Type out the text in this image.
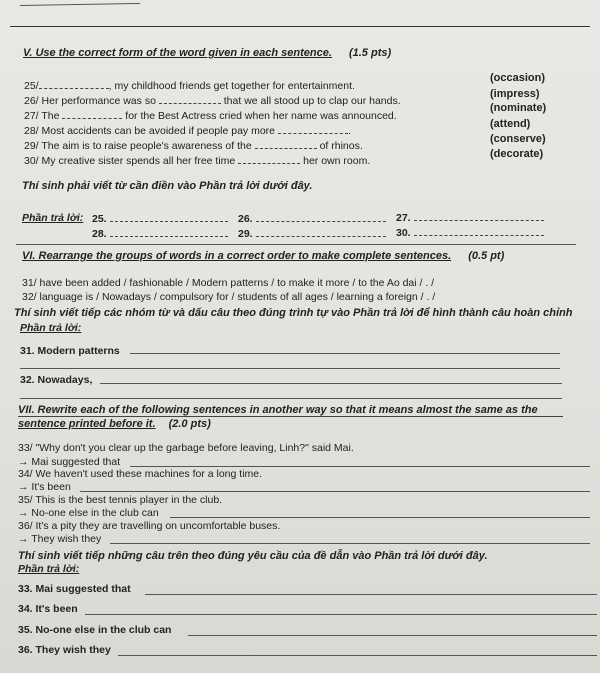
V. Use the correct form of the word given in each sentence. (1.5 pts)
25/	, my childhood friends get together for entertainment.
(occasion)
26/ Her performance was so	that we all stood up to clap our hands.
(impress)
27/ The	for the Best Actress cried when her name was announced.
(nominate)
28/ Most accidents can be avoided if people pay more	.
(attend)
29/ The aim is to raise people's awareness of the	of rhinos.
(conserve)
30/ My creative sister spends all her free time	her own room.
(decorate)
Thí sinh phải viết từ cần điền vào Phần trả lời dưới đây.
Phần trả lời: 25.	26.	27.
28.	29.	30.
VI. Rearrange the groups of words in a correct order to make complete sentences. (0.5 pt)
31/ have been added / fashionable / Modern patterns / to make it more / to the Ao dai / . /
32/ language is / Nowadays / compulsory for / students of all ages / learning a foreign / . /
Thí sinh viết tiếp các nhóm từ và dấu câu theo đúng trình tự vào Phần trả lời để hình thành câu hoàn chỉnh
Phần trả lời:
31. Modern patterns
32. Nowadays,
VII. Rewrite each of the following sentences in another way so that it means almost the same as the
sentence printed before it. (2.0 pts)
33/ "Why don't you clear up the garbage before leaving, Linh?" said Mai.
→ Mai suggested that
34/ We haven't used these machines for a long time.
→ It's been
35/ This is the best tennis player in the club.
→ No-one else in the club can
36/ It's a pity they are travelling on uncomfortable buses.
→ They wish they
Thí sinh viết tiếp những câu trên theo đúng yêu cầu của đề dẫn vào Phần trả lời dưới đây.
Phần trả lời:
33. Mai suggested that
34. It's been
35. No-one else in the club can
36. They wish they
